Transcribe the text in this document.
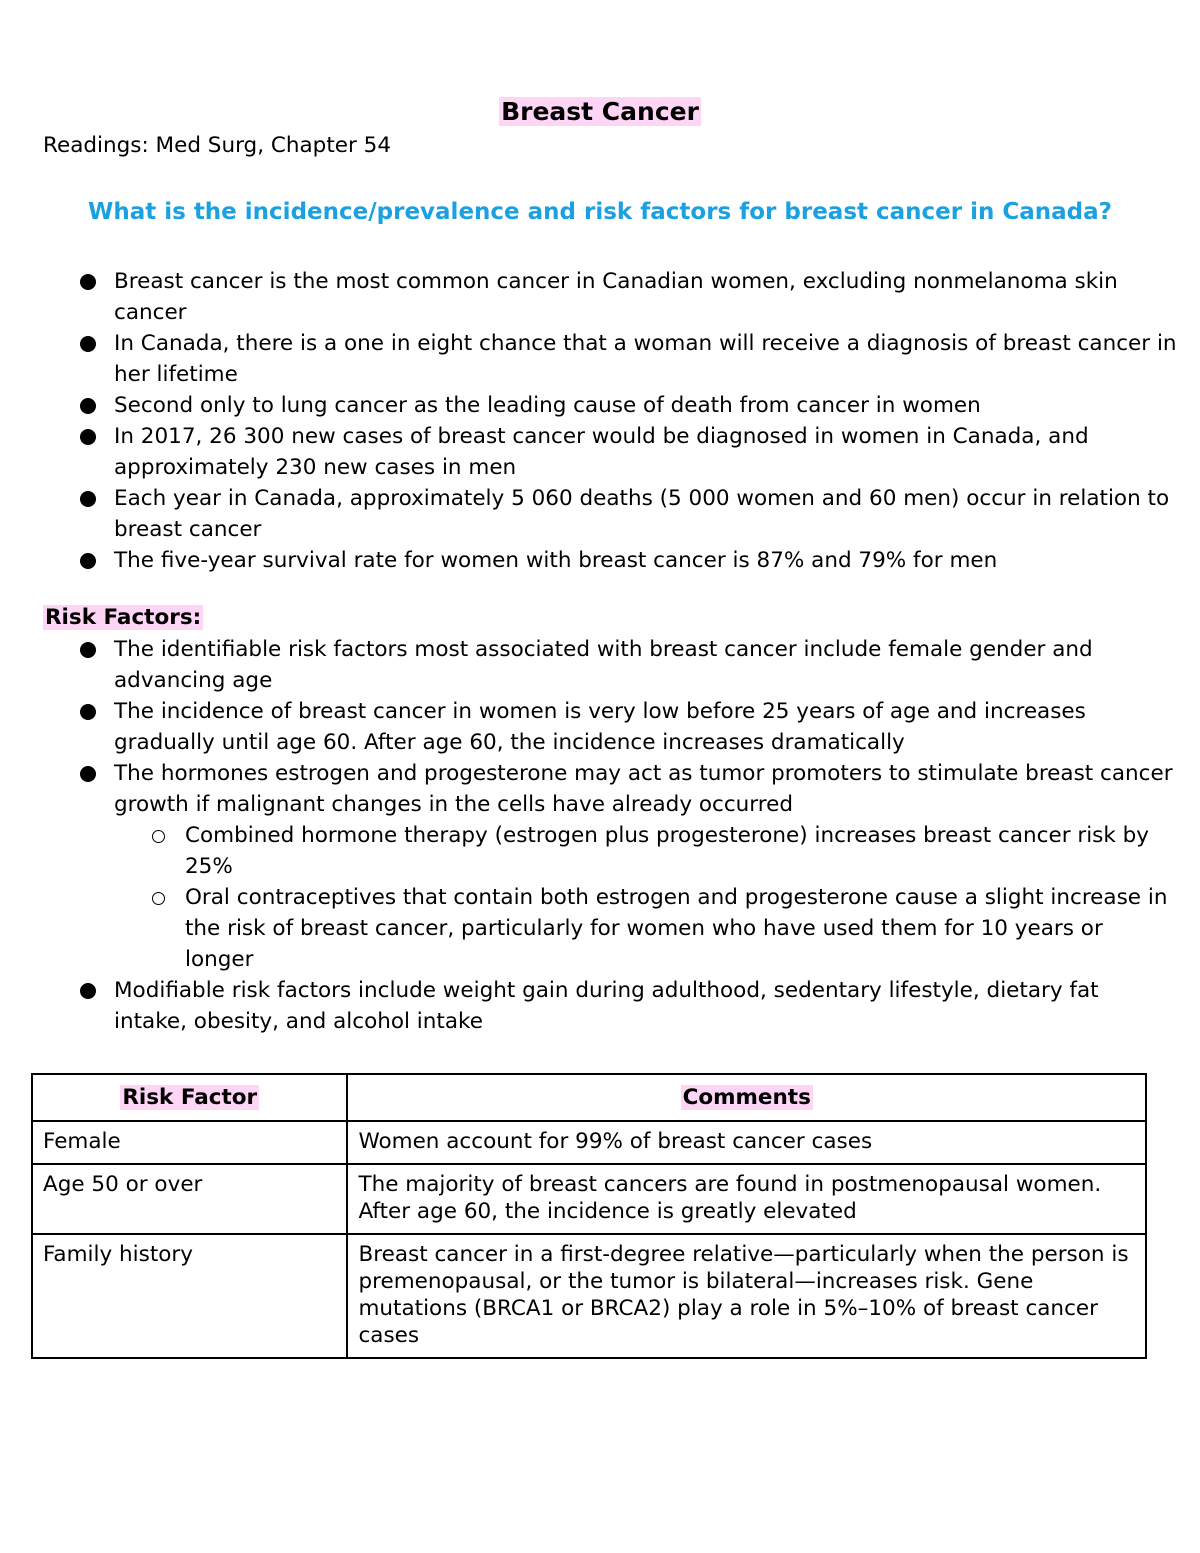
Breast Cancer
Readings: Med Surg, Chapter 54
What is the incidence/prevalence and risk factors for breast cancer in Canada?
Breast cancer is the most common cancer in Canadian women, excluding nonmelanoma skin cancer
In Canada, there is a one in eight chance that a woman will receive a diagnosis of breast cancer in her lifetime
Second only to lung cancer as the leading cause of death from cancer in women
In 2017, 26 300 new cases of breast cancer would be diagnosed in women in Canada, and approximately 230 new cases in men
Each year in Canada, approximately 5 060 deaths (5 000 women and 60 men) occur in relation to breast cancer
The five-year survival rate for women with breast cancer is 87% and 79% for men
Risk Factors:
The identifiable risk factors most associated with breast cancer include female gender and advancing age
The incidence of breast cancer in women is very low before 25 years of age and increases gradually until age 60. After age 60, the incidence increases dramatically
The hormones estrogen and progesterone may act as tumor promoters to stimulate breast cancer growth if malignant changes in the cells have already occurred
Combined hormone therapy (estrogen plus progesterone) increases breast cancer risk by 25%
Oral contraceptives that contain both estrogen and progesterone cause a slight increase in the risk of breast cancer, particularly for women who have used them for 10 years or longer
Modifiable risk factors include weight gain during adulthood, sedentary lifestyle, dietary fat intake, obesity, and alcohol intake
Risk Factor	Comments
Female	Women account for 99% of breast cancer cases
Age 50 or over	The majority of breast cancers are found in postmenopausal women. After age 60, the incidence is greatly elevated
Family history	Breast cancer in a first-degree relative—particularly when the person is premenopausal, or the tumor is bilateral—increases risk. Gene mutations (BRCA1 or BRCA2) play a role in 5%–10% of breast cancer cases
